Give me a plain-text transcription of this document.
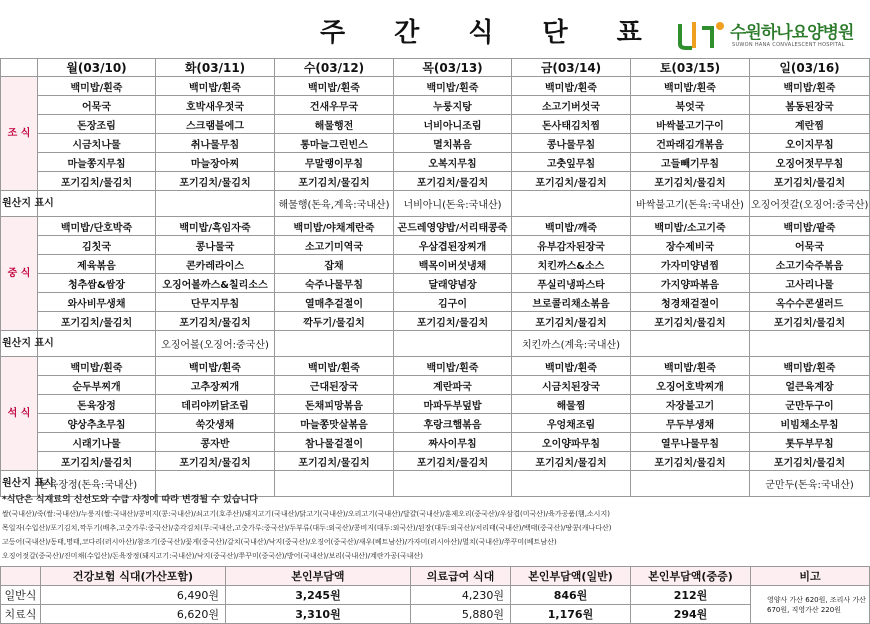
주 간 식 단 표	수원하나요양병원
SUWON HANA CONVALESCENT HOSPITAL
	월(03/10)	화(03/11)	수(03/12)	목(03/13)	금(03/14)	토(03/15)	일(03/16)
조 식	백미밥/흰죽	백미밥/흰죽	백미밥/흰죽	백미밥/흰죽	백미밥/흰죽	백미밥/흰죽	백미밥/흰죽
	어묵국	호박새우젓국	건새우무국	누룽지탕	소고기버섯국	북엇국	봄동된장국
	돈장조림	스크램블에그	해물행전	너비아니조림	돈사태김치찜	바싹불고기구이	계란찜
	시금치나물	취나물무침	통마늘그린빈스	멸치볶음	콩나물무침	건파래김개볶음	오이지무침
	마늘쫑지무침	마늘장아찌	무말랭이무침	오복지무침	고춧잎무침	고들빼기무침	오징어젓무무침
	포기김치/물김치	포기김치/물김치	포기김치/물김치	포기김치/물김치	포기김치/물김치	포기김치/물김치	포기김치/물김치
원산지 표시			해물행(돈육,계육:국내산)	너비아니(돈육:국내산)		바싹불고기(돈육:국내산)	오징어젓갈(오징어:중국산)
중 식	백미밥/단호박죽	백미밥/흑임자죽	백미밥/야채계란죽	곤드레영양밥/서리태콩죽	백미밥/깨죽	백미밥/소고기죽	백미밥/팥죽
	김칫국	콩나물국	소고기미역국	우삼겹된장찌개	유부감자된장국	장수제비국	어묵국
	제육볶음	콘카레라이스	잡채	백목이버섯냉채	치킨까스&소스	가자미양념찜	소고기숙주볶음
	청추쌈&쌈장	오징어볼까스&칠리소스	숙주나물무침	달래양념장	푸실리냉파스타	가지양파볶음	고사리나물
	와사비무생채	단무지무침	열매추겉절이	김구이	브로콜리채소볶음	청경채겉절이	옥수수콘샐러드
	포기김치/물김치	포기김치/물김치	깍두기/물김치	포기김치/물김치	포기김치/물김치	포기김치/물김치	포기김치/물김치
원산지 표시		오징어볼(오징어:중국산)			치킨까스(계육:국내산)		
석 식	백미밥/흰죽	백미밥/흰죽	백미밥/흰죽	백미밥/흰죽	백미밥/흰죽	백미밥/흰죽	백미밥/흰죽
	순두부찌개	고추장찌개	근대된장국	계란파국	시금치된장국	오징어호박찌개	얼큰육계장
	돈육장정	데리야끼닭조림	돈채피망볶음	마파두부덮밥	해물찜	자장불고기	군만두구이
	양상추초무침	쑥갓생채	마늘쫑맛살볶음	후랑크햄볶음	우엉채조림	무두부생채	비빔채소무침
	시래기나물	콩자반	참나물겉절이	짜사이무침	오이양파무침	열무나물무침	톳두부무침
	포기김치/물김치	포기김치/물김치	포기김치/물김치	포기김치/물김치	포기김치/물김치	포기김치/물김치	포기김치/물김치
원산지 표시	돈육장정(돈육:국내산)						군만두(돈육:국내산)
*식단은 식재료의 신선도와 수급 사정에 따라 변경될 수 있습니다
쌀(국내산)/죽(쌀:국내산)/누룽지(쌀:국내산)/콩비지(콩:국내산)/쇠고기(호주산)/돼지고기(국내산)/닭고기(국내산)/오리고기(국내산)/달걀(국내산)/훈제오리(중국산)/우삼겹(미국산)/육가공품(햄,소시지)
목일자(수입산)/포기김치,깍두기(배추,고춧가루:중국산)/총각김치(무:국내산,고춧가루:중국산)/두부류(대두:외국산)/콩비지(대두:외국산)/된장(대두:외국산)/서리태(국내산)/백태(중국산)/땅콩(캐나다산)
고등어(국내산)/동태,명태,코다리(러시아산)/참조기(중국산)/꽃게(중국산)/갈치(국내산)/낙지(중국산)/오징어(중국산)/새우(베트남산)/가자미(러시아산)/멸치(국내산)/쭈꾸미(베트남산)
오징어젓갈(중국산)/진미채(수입산)/돈육장정(돼지고기:국내산)/낙지(중국산)/쭈꾸미(중국산)/방어(국내산)/보리(국내산)/계란가공(국내산)
	건강보험 식대(가산포함)	본인부담액	의료급여 식대	본인부담액(일반)	본인부담액(중증)	비고
일반식	6,490원	3,245원	4,230원	846원	212원	영양사 가산 620원, 조리사 가산 670원, 직영가산 220원
치료식	6,620원	3,310원	5,880원	1,176원	294원	
